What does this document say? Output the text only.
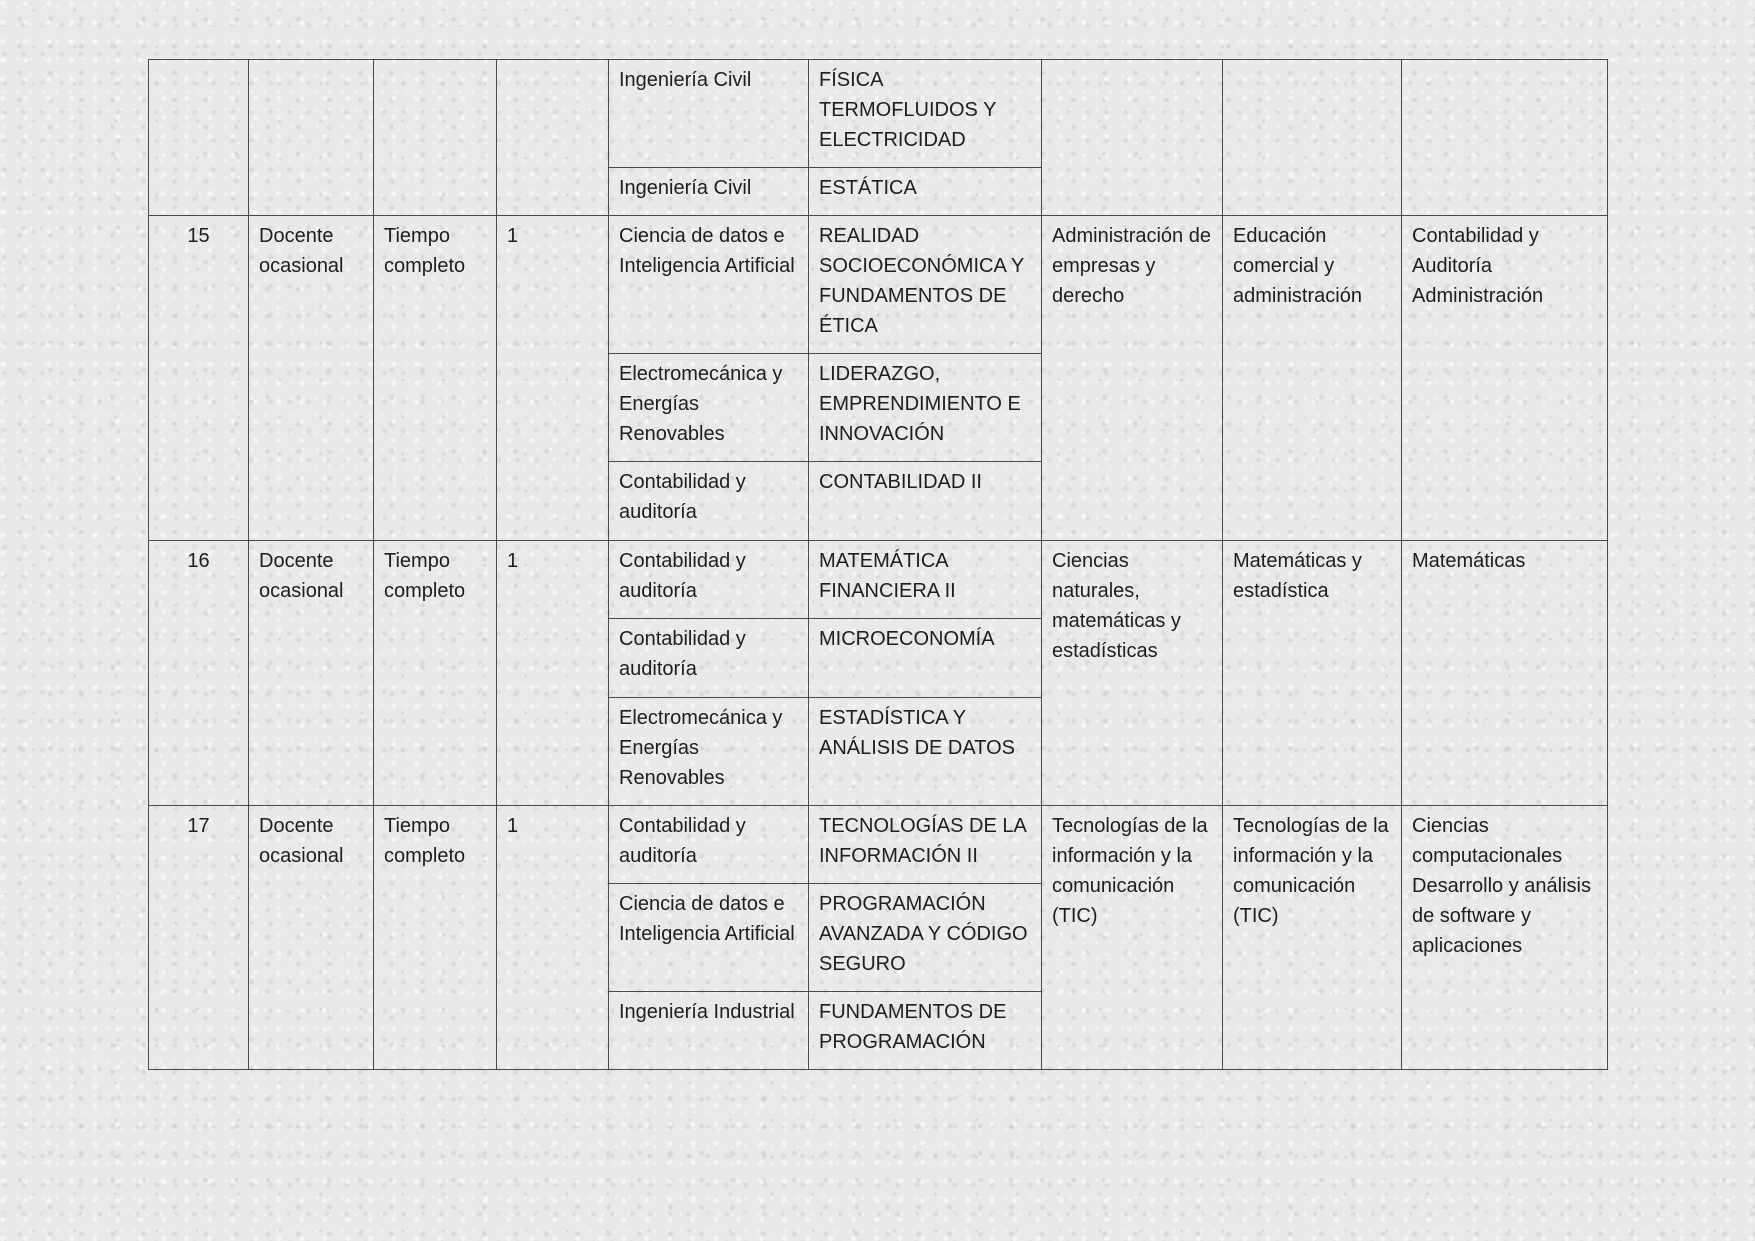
				Ingeniería Civil	FÍSICA TERMOFLUIDOS Y ELECTRICIDAD			
				Ingeniería Civil	ESTÁTICA			
15	Docente ocasional	Tiempo completo	1	Ciencia de datos e Inteligencia Artificial	REALIDAD SOCIOECONÓMICA Y FUNDAMENTOS DE ÉTICA	Administración de empresas y derecho	Educación comercial y administración	Contabilidad y Auditoría
Administración

				Electromecánica y Energías Renovables	LIDERAZGO, EMPRENDIMIENTO E INNOVACIÓN			
				Contabilidad y auditoría	CONTABILIDAD II			
16	Docente ocasional	Tiempo completo	1	Contabilidad y auditoría	MATEMÁTICA FINANCIERA II	Ciencias naturales, matemáticas y estadísticas	Matemáticas y estadística	Matemáticas

				Contabilidad y auditoría	MICROECONOMÍA			
				Electromecánica y Energías Renovables	ESTADÍSTICA Y ANÁLISIS DE DATOS			
17	Docente ocasional	Tiempo completo	1	Contabilidad y auditoría	TECNOLOGÍAS DE LA INFORMACIÓN II	Tecnologías de la información y la comunicación (TIC)	Tecnologías de la información y la comunicación (TIC)	Ciencias computacionales
Desarrollo y análisis de software y aplicaciones

				Ciencia de datos e Inteligencia Artificial	PROGRAMACIÓN AVANZADA Y CÓDIGO SEGURO			
				Ingeniería Industrial	FUNDAMENTOS DE PROGRAMACIÓN			
